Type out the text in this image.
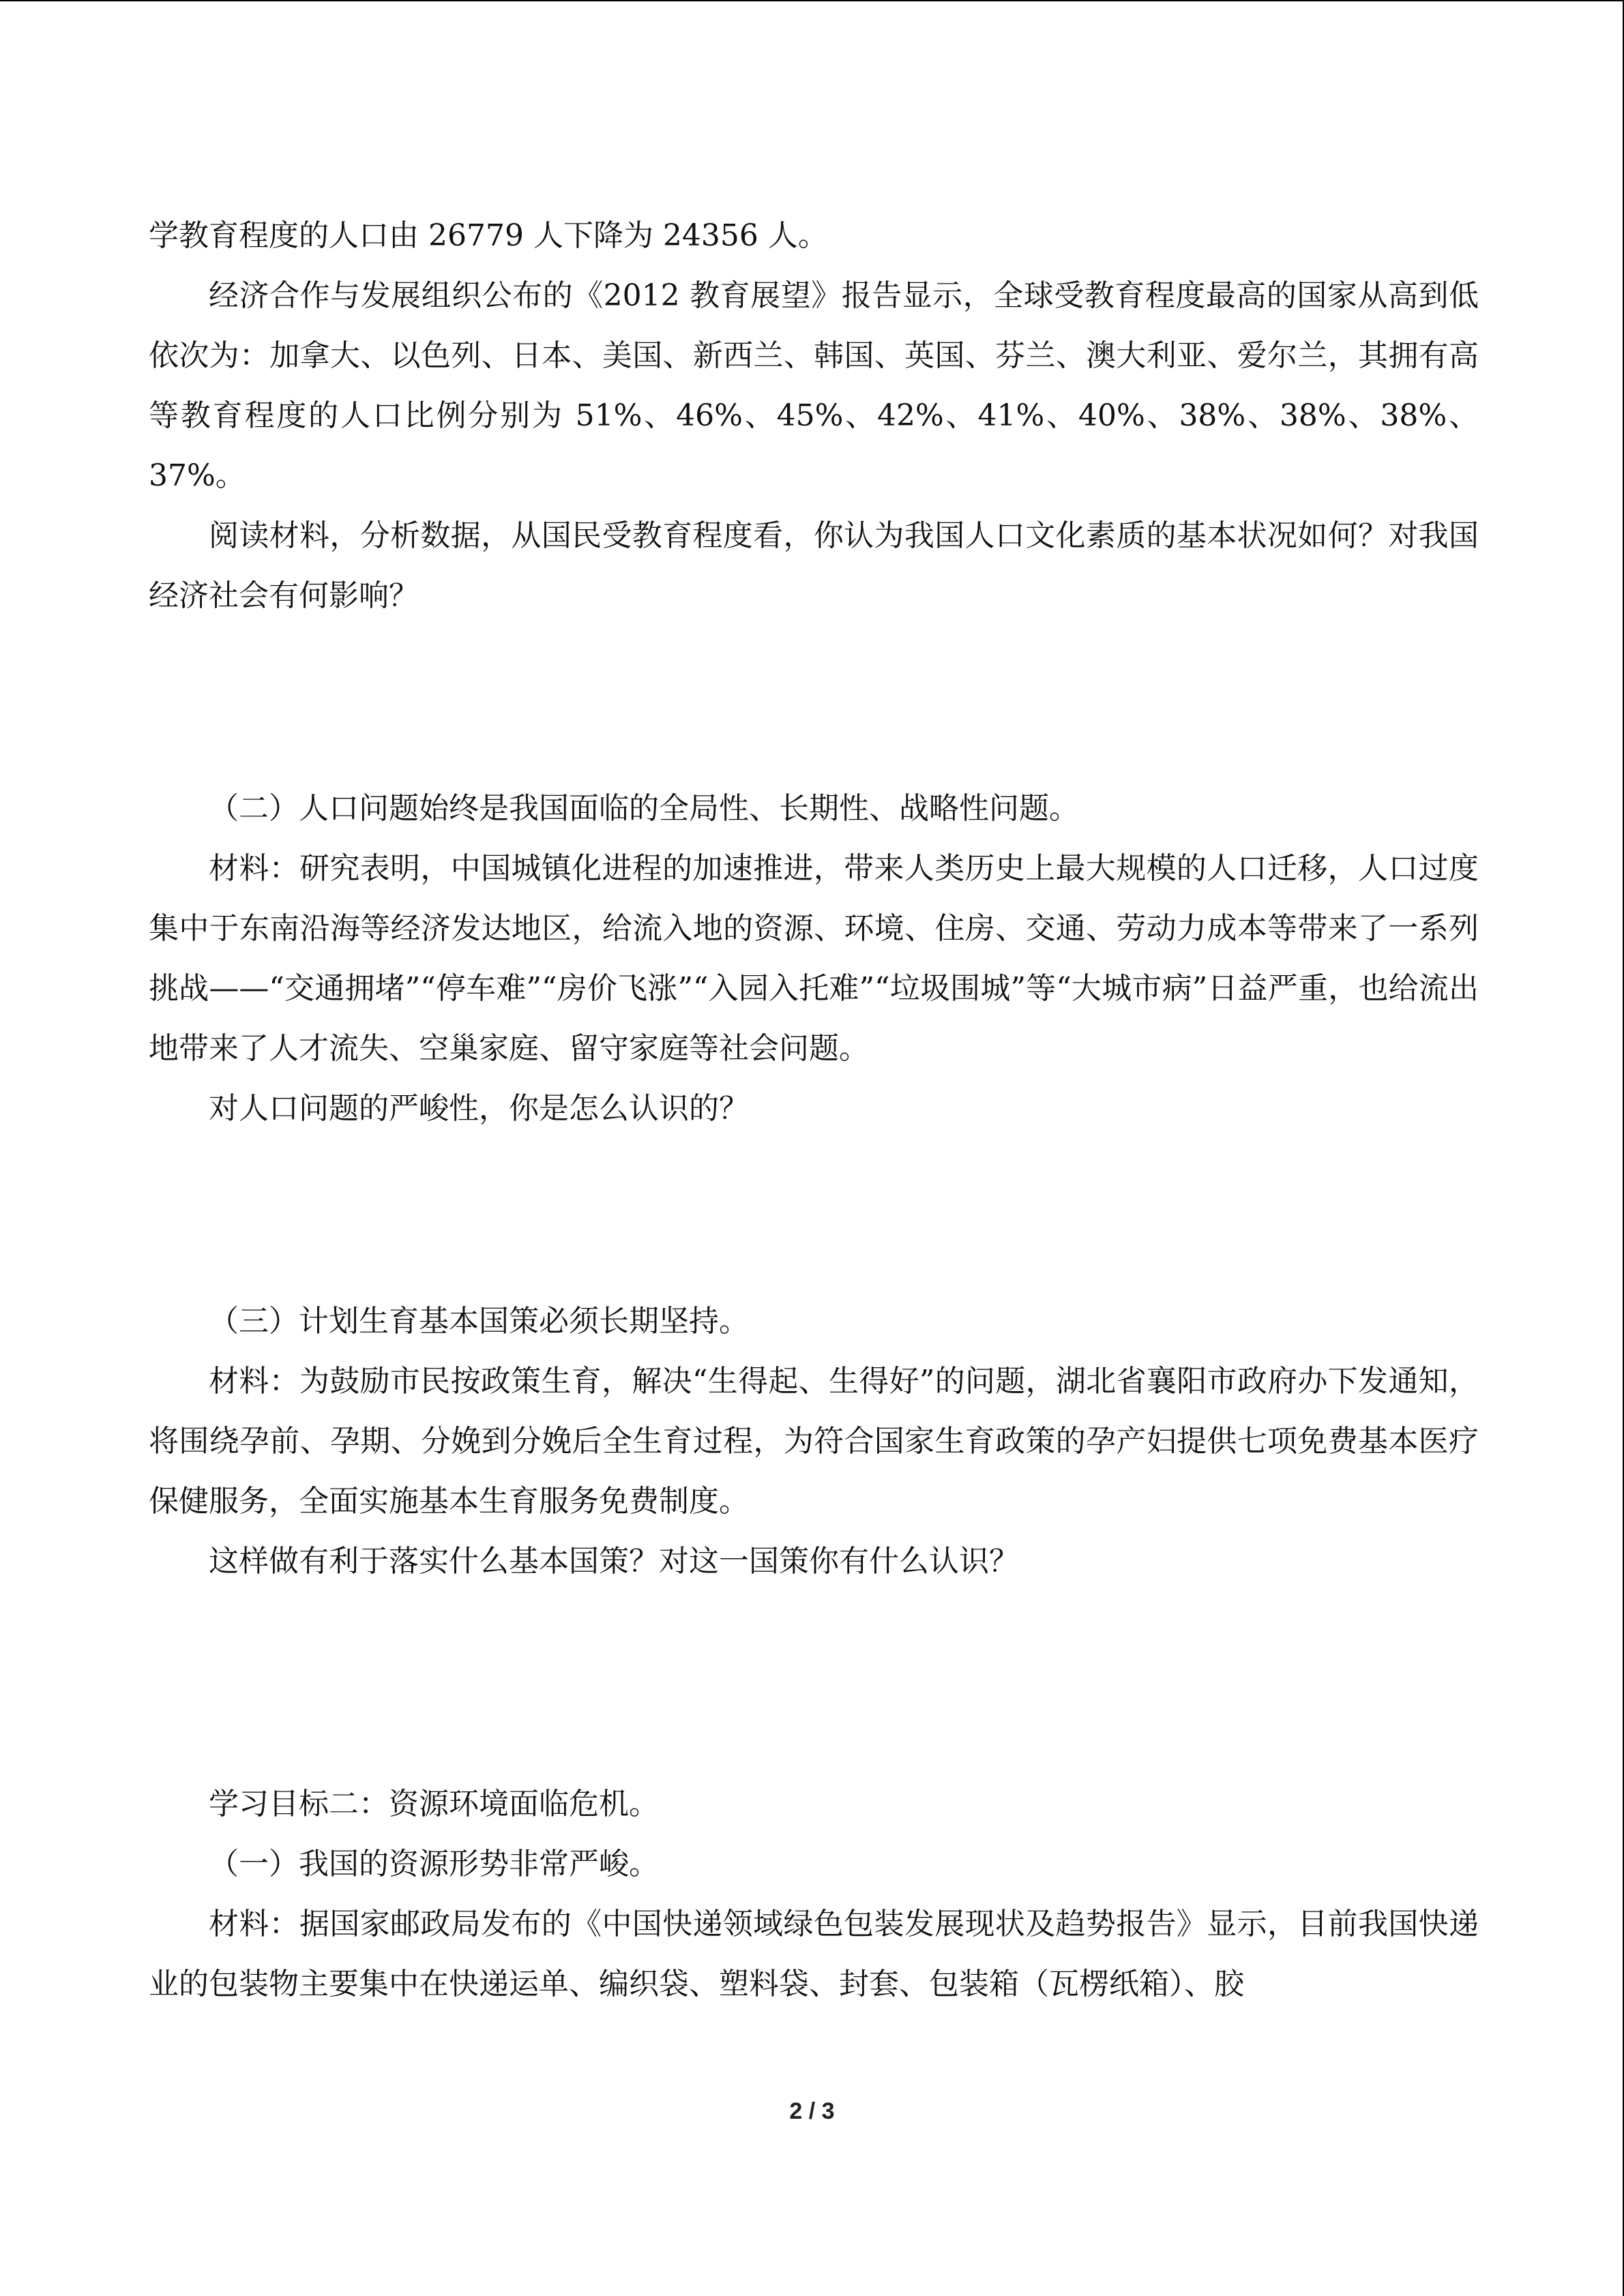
学教育程度的人口由 26779 人下降为 24356 人。

经济合作与发展组织公布的《2012 教育展望》报告显示，全球受教育程度最高的国家从高到低依次为：加拿大、以色列、日本、美国、新西兰、韩国、英国、芬兰、澳大利亚、爱尔兰，其拥有高等教育程度的人口比例分别为 51%、46%、45%、42%、41%、40%、38%、38%、38%、37%。

阅读材料，分析数据，从国民受教育程度看，你认为我国人口文化素质的基本状况如何？对我国经济社会有何影响？

（二）人口问题始终是我国面临的全局性、长期性、战略性问题。

材料：研究表明，中国城镇化进程的加速推进，带来人类历史上最大规模的人口迁移，人口过度集中于东南沿海等经济发达地区，给流入地的资源、环境、住房、交通、劳动力成本等带来了一系列挑战——“交通拥堵”“停车难”“房价飞涨”“入园入托难”“垃圾围城”等“大城市病”日益严重，也给流出地带来了人才流失、空巢家庭、留守家庭等社会问题。

对人口问题的严峻性，你是怎么认识的？

（三）计划生育基本国策必须长期坚持。

材料：为鼓励市民按政策生育，解决“生得起、生得好”的问题，湖北省襄阳市政府办下发通知，将围绕孕前、孕期、分娩到分娩后全生育过程，为符合国家生育政策的孕产妇提供七项免费基本医疗保健服务，全面实施基本生育服务免费制度。

这样做有利于落实什么基本国策？对这一国策你有什么认识？

学习目标二：资源环境面临危机。

（一）我国的资源形势非常严峻。

材料：据国家邮政局发布的《中国快递领域绿色包装发展现状及趋势报告》显示，目前我国快递业的包装物主要集中在快递运单、编织袋、塑料袋、封套、包装箱（瓦楞纸箱）、胶

2 / 3
